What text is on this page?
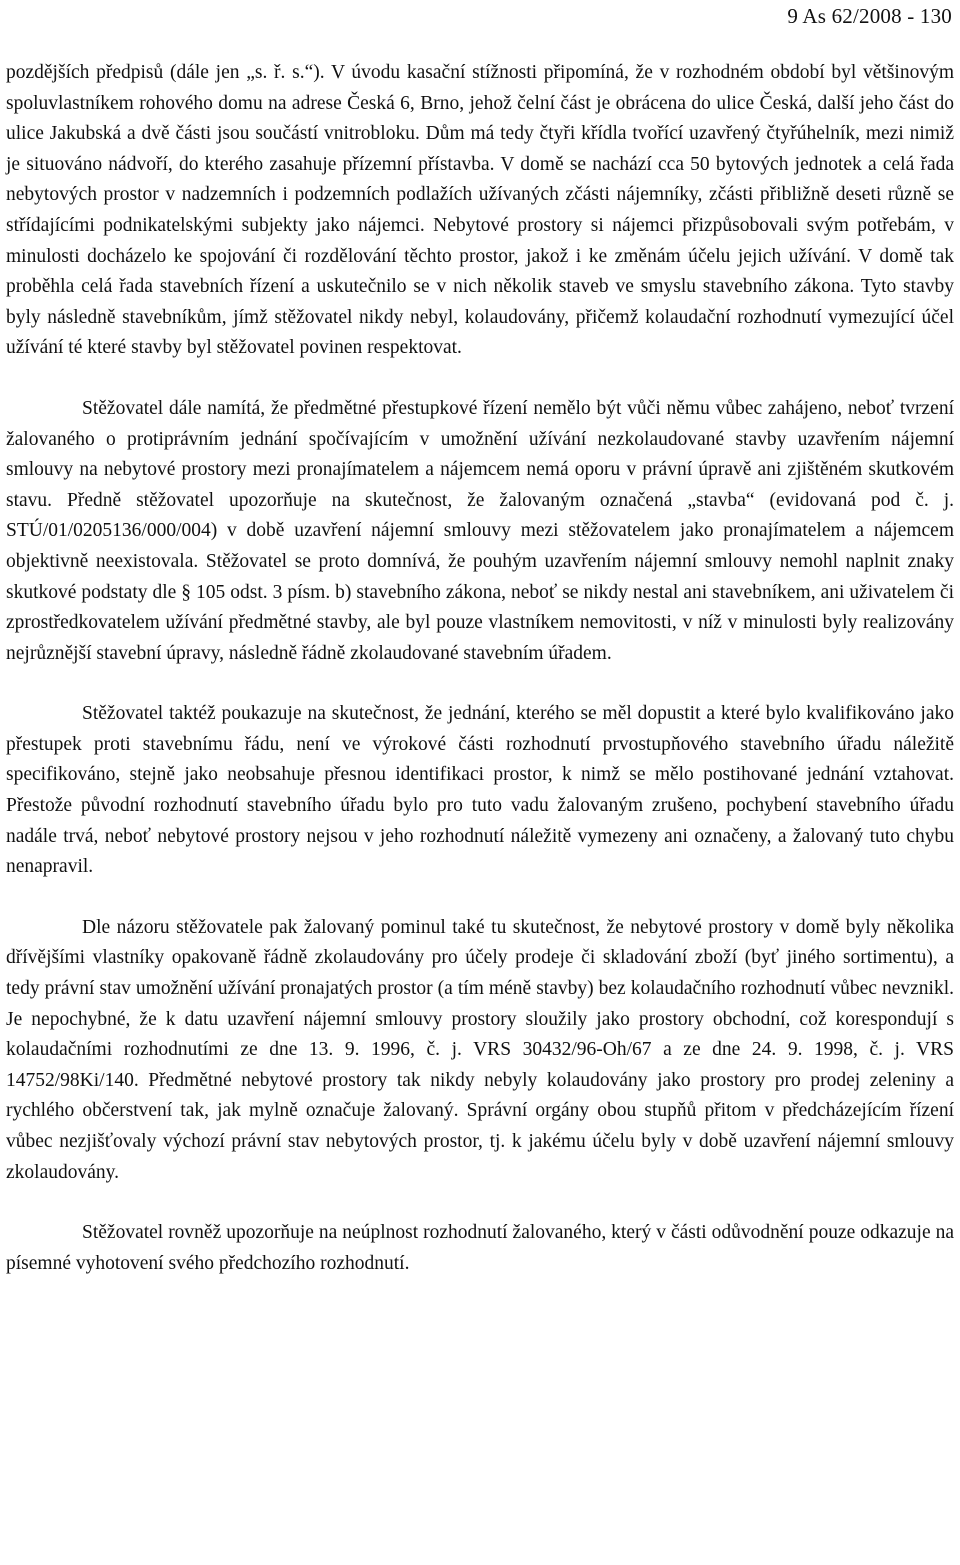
9 As 62/2008 - 130

pozdějších předpisů (dále jen „s. ř. s.“). V úvodu kasační stížnosti připomíná, že v rozhodném období byl většinovým spoluvlastníkem rohového domu na adrese Česká 6, Brno, jehož čelní část je obrácena do ulice Česká, další jeho část do ulice Jakubská a dvě části jsou součástí vnitrobloku. Dům má tedy čtyři křídla tvořící uzavřený čtyřúhelník, mezi nimiž je situováno nádvoří, do kterého zasahuje přízemní přístavba. V domě se nachází cca 50 bytových jednotek a celá řada nebytových prostor v nadzemních i podzemních podlažích užívaných zčásti nájemníky, zčásti přibližně deseti různě se střídajícími podnikatelskými subjekty jako nájemci. Nebytové prostory si nájemci přizpůsobovali svým potřebám, v minulosti docházelo ke spojování či rozdělování těchto prostor, jakož i ke změnám účelu jejich užívání. V domě tak proběhla celá řada stavebních řízení a uskutečnilo se v nich několik staveb ve smyslu stavebního zákona. Tyto stavby byly následně stavebníkům, jímž stěžovatel nikdy nebyl, kolaudovány, přičemž kolaudační rozhodnutí vymezující účel užívání té které stavby byl stěžovatel povinen respektovat.

Stěžovatel dále namítá, že předmětné přestupkové řízení nemělo být vůči němu vůbec zahájeno, neboť tvrzení žalovaného o protiprávním jednání spočívajícím v umožnění užívání nezkolaudované stavby uzavřením nájemní smlouvy na nebytové prostory mezi pronajímatelem a nájemcem nemá oporu v právní úpravě ani zjištěném skutkovém stavu. Předně stěžovatel upozorňuje na skutečnost, že žalovaným označená „stavba“ (evidovaná pod č. j. STÚ/01/0205136/000/004) v době uzavření nájemní smlouvy mezi stěžovatelem jako pronajímatelem a nájemcem objektivně neexistovala. Stěžovatel se proto domnívá, že pouhým uzavřením nájemní smlouvy nemohl naplnit znaky skutkové podstaty dle § 105 odst. 3 písm. b) stavebního zákona, neboť se nikdy nestal ani stavebníkem, ani uživatelem či zprostředkovatelem užívání předmětné stavby, ale byl pouze vlastníkem nemovitosti, v níž v minulosti byly realizovány nejrůznější stavební úpravy, následně řádně zkolaudované stavebním úřadem.

Stěžovatel taktéž poukazuje na skutečnost, že jednání, kterého se měl dopustit a které bylo kvalifikováno jako přestupek proti stavebnímu řádu, není ve výrokové části rozhodnutí prvostupňového stavebního úřadu náležitě specifikováno, stejně jako neobsahuje přesnou identifikaci prostor, k nimž se mělo postihované jednání vztahovat. Přestože původní rozhodnutí stavebního úřadu bylo pro tuto vadu žalovaným zrušeno, pochybení stavebního úřadu nadále trvá, neboť nebytové prostory nejsou v jeho rozhodnutí náležitě vymezeny ani označeny, a žalovaný tuto chybu nenapravil.

Dle názoru stěžovatele pak žalovaný pominul také tu skutečnost, že nebytové prostory v domě byly několika dřívějšími vlastníky opakovaně řádně zkolaudovány pro účely prodeje či skladování zboží (byť jiného sortimentu), a tedy právní stav umožnění užívání pronajatých prostor (a tím méně stavby) bez kolaudačního rozhodnutí vůbec nevznikl. Je nepochybné, že k datu uzavření nájemní smlouvy prostory sloužily jako prostory obchodní, což korespondují s kolaudačními rozhodnutími ze dne 13. 9. 1996, č. j. VRS 30432/96-Oh/67 a ze dne 24. 9. 1998, č. j. VRS 14752/98Ki/140. Předmětné nebytové prostory tak nikdy nebyly kolaudovány jako prostory pro prodej zeleniny a rychlého občerstvení tak, jak mylně označuje žalovaný. Správní orgány obou stupňů přitom v předcházejícím řízení vůbec nezjišťovaly výchozí právní stav nebytových prostor, tj. k jakému účelu byly v době uzavření nájemní smlouvy zkolaudovány.

Stěžovatel rovněž upozorňuje na neúplnost rozhodnutí žalovaného, který v části odůvodnění pouze odkazuje na písemné vyhotovení svého předchozího rozhodnutí.
